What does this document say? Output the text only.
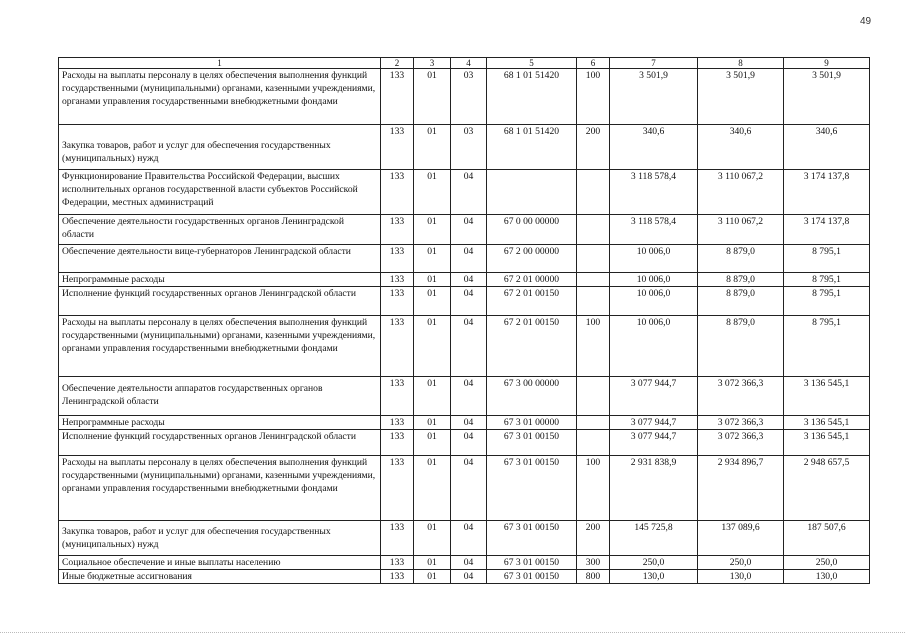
49
1	2	3	4	5	6	7	8	9
Расходы на выплаты персоналу в целях обеспечения выполнения функций государственными (муниципальными) органами, казенными учреждениями, органами управления государственными внебюджетными фондами	133	01	03	68 1 01 51420	100	3 501,9	3 501,9	3 501,9
Закупка товаров, работ и услуг для обеспечения государственных (муниципальных) нужд	133	01	03	68 1 01 51420	200	340,6	340,6	340,6
Функционирование Правительства Российской Федерации, высших исполнительных органов государственной власти субъектов Российской Федерации, местных администраций	133	01	04			3 118 578,4	3 110 067,2	3 174 137,8
Обеспечение деятельности государственных органов Ленинградской области	133	01	04	67 0 00 00000		3 118 578,4	3 110 067,2	3 174 137,8
Обеспечение деятельности вице-губернаторов Ленинградской области	133	01	04	67 2 00 00000		10 006,0	8 879,0	8 795,1
Непрограммные расходы	133	01	04	67 2 01 00000		10 006,0	8 879,0	8 795,1
Исполнение функций государственных органов Ленинградской области	133	01	04	67 2 01 00150		10 006,0	8 879,0	8 795,1
Расходы на выплаты персоналу в целях обеспечения выполнения функций государственными (муниципальными) органами, казенными учреждениями, органами управления государственными внебюджетными фондами	133	01	04	67 2 01 00150	100	10 006,0	8 879,0	8 795,1
Обеспечение деятельности аппаратов государственных органов Ленинградской области	133	01	04	67 3 00 00000		3 077 944,7	3 072 366,3	3 136 545,1
Непрограммные расходы	133	01	04	67 3 01 00000		3 077 944,7	3 072 366,3	3 136 545,1
Исполнение функций государственных органов Ленинградской области	133	01	04	67 3 01 00150		3 077 944,7	3 072 366,3	3 136 545,1
Расходы на выплаты персоналу в целях обеспечения выполнения функций государственными (муниципальными) органами, казенными учреждениями, органами управления государственными внебюджетными фондами	133	01	04	67 3 01 00150	100	2 931 838,9	2 934 896,7	2 948 657,5
Закупка товаров, работ и услуг для обеспечения государственных (муниципальных) нужд	133	01	04	67 3 01 00150	200	145 725,8	137 089,6	187 507,6
Социальное обеспечение и иные выплаты населению	133	01	04	67 3 01 00150	300	250,0	250,0	250,0
Иные бюджетные ассигнования	133	01	04	67 3 01 00150	800	130,0	130,0	130,0
